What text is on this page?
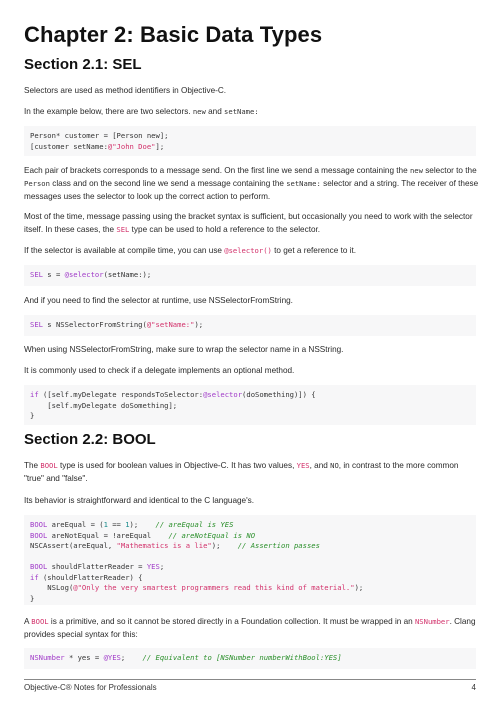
Chapter 2: Basic Data Types
Section 2.1: SEL
Selectors are used as method identifiers in Objective-C.
In the example below, there are two selectors. new and setName:
Person* customer = [Person new];
[customer setName:@"John Doe"];
Each pair of brackets corresponds to a message send. On the first line we send a message containing the new selector to the Person class and on the second line we send a message containing the setName: selector and a string. The receiver of these messages uses the selector to look up the correct action to perform.
Most of the time, message passing using the bracket syntax is sufficient, but occasionally you need to work with the selector itself. In these cases, the SEL type can be used to hold a reference to the selector.
If the selector is available at compile time, you can use @selector() to get a reference to it.
SEL s = @selector(setName:);
And if you need to find the selector at runtime, use NSSelectorFromString.
SEL s NSSelectorFromString(@"setName:");
When using NSSelectorFromString, make sure to wrap the selector name in a NSString.
It is commonly used to check if a delegate implements an optional method.
if ([self.myDelegate respondsToSelector:@selector(doSomething)]) {
[self.myDelegate doSomething];
}
Section 2.2: BOOL
The BOOL type is used for boolean values in Objective-C. It has two values, YES, and NO, in contrast to the more common "true" and "false".
Its behavior is straightforward and identical to the C language's.
BOOL areEqual = (1 == 1);    // areEqual is YES
BOOL areNotEqual = !areEqual    // areNotEqual is NO
NSCAssert(areEqual, "Mathematics is a lie");    // Assertion passes

BOOL shouldFlatterReader = YES;
if (shouldFlatterReader) {
NSLog(@"Only the very smartest programmers read this kind of material.");
}
A BOOL is a primitive, and so it cannot be stored directly in a Foundation collection. It must be wrapped in an NSNumber. Clang provides special syntax for this:
NSNumber * yes = @YES;    // Equivalent to [NSNumber numberWithBool:YES]
Objective-C® Notes for Professionals	4
